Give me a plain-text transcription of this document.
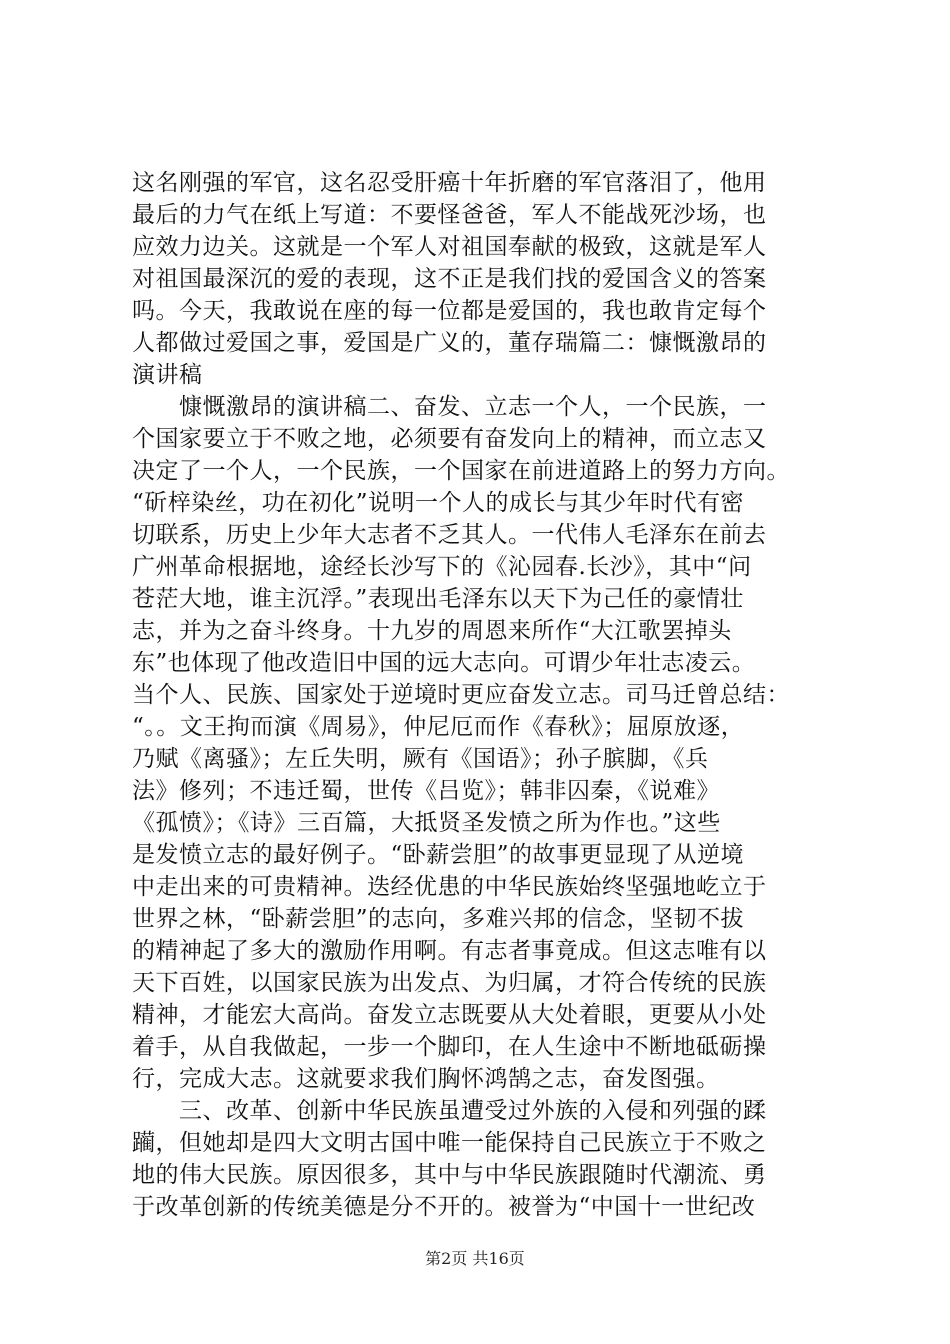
这名刚强的军官，这名忍受肝癌十年折磨的军官落泪了，他用
最后的力气在纸上写道：不要怪爸爸，军人不能战死沙场，也
应效力边关。这就是一个军人对祖国奉献的极致，这就是军人
对祖国最深沉的爱的表现，这不正是我们找的爱国含义的答案
吗。今天，我敢说在座的每一位都是爱国的，我也敢肯定每个
人都做过爱国之事，爱国是广义的，董存瑞篇二：慷慨激昂的
演讲稿
　　慷慨激昂的演讲稿二、奋发、立志一个人，一个民族，一
个国家要立于不败之地，必须要有奋发向上的精神，而立志又
决定了一个人，一个民族，一个国家在前进道路上的努力方向。
“斫梓染丝，功在初化”说明一个人的成长与其少年时代有密
切联系，历史上少年大志者不乏其人。一代伟人毛泽东在前去
广州革命根据地，途经长沙写下的《沁园春.长沙》，其中“问
苍茫大地，谁主沉浮。”表现出毛泽东以天下为己任的豪情壮
志，并为之奋斗终身。十九岁的周恩来所作“大江歌罢掉头
东”也体现了他改造旧中国的远大志向。可谓少年壮志凌云。
当个人、民族、国家处于逆境时更应奋发立志。司马迁曾总结：
“。。文王拘而演《周易》，仲尼厄而作《春秋》；屈原放逐，
乃赋《离骚》；左丘失明，厥有《国语》；孙子膑脚，《兵
法》修列；不违迁蜀，世传《吕览》；韩非囚秦，《说难》
《孤愤》；《诗》三百篇，大抵贤圣发愤之所为作也。”这些
是发愤立志的最好例子。“卧薪尝胆”的故事更显现了从逆境
中走出来的可贵精神。迭经优患的中华民族始终坚强地屹立于
世界之林，“卧薪尝胆”的志向，多难兴邦的信念，坚韧不拔
的精神起了多大的激励作用啊。有志者事竟成。但这志唯有以
天下百姓，以国家民族为出发点、为归属，才符合传统的民族
精神，才能宏大高尚。奋发立志既要从大处着眼，更要从小处
着手，从自我做起，一步一个脚印，在人生途中不断地砥砺操
行，完成大志。这就要求我们胸怀鸿鹄之志，奋发图强。
　　三、改革、创新中华民族虽遭受过外族的入侵和列强的蹂
躏，但她却是四大文明古国中唯一能保持自己民族立于不败之
地的伟大民族。原因很多，其中与中华民族跟随时代潮流、勇
于改革创新的传统美德是分不开的。被誉为“中国十一世纪改
第2页 共16页
